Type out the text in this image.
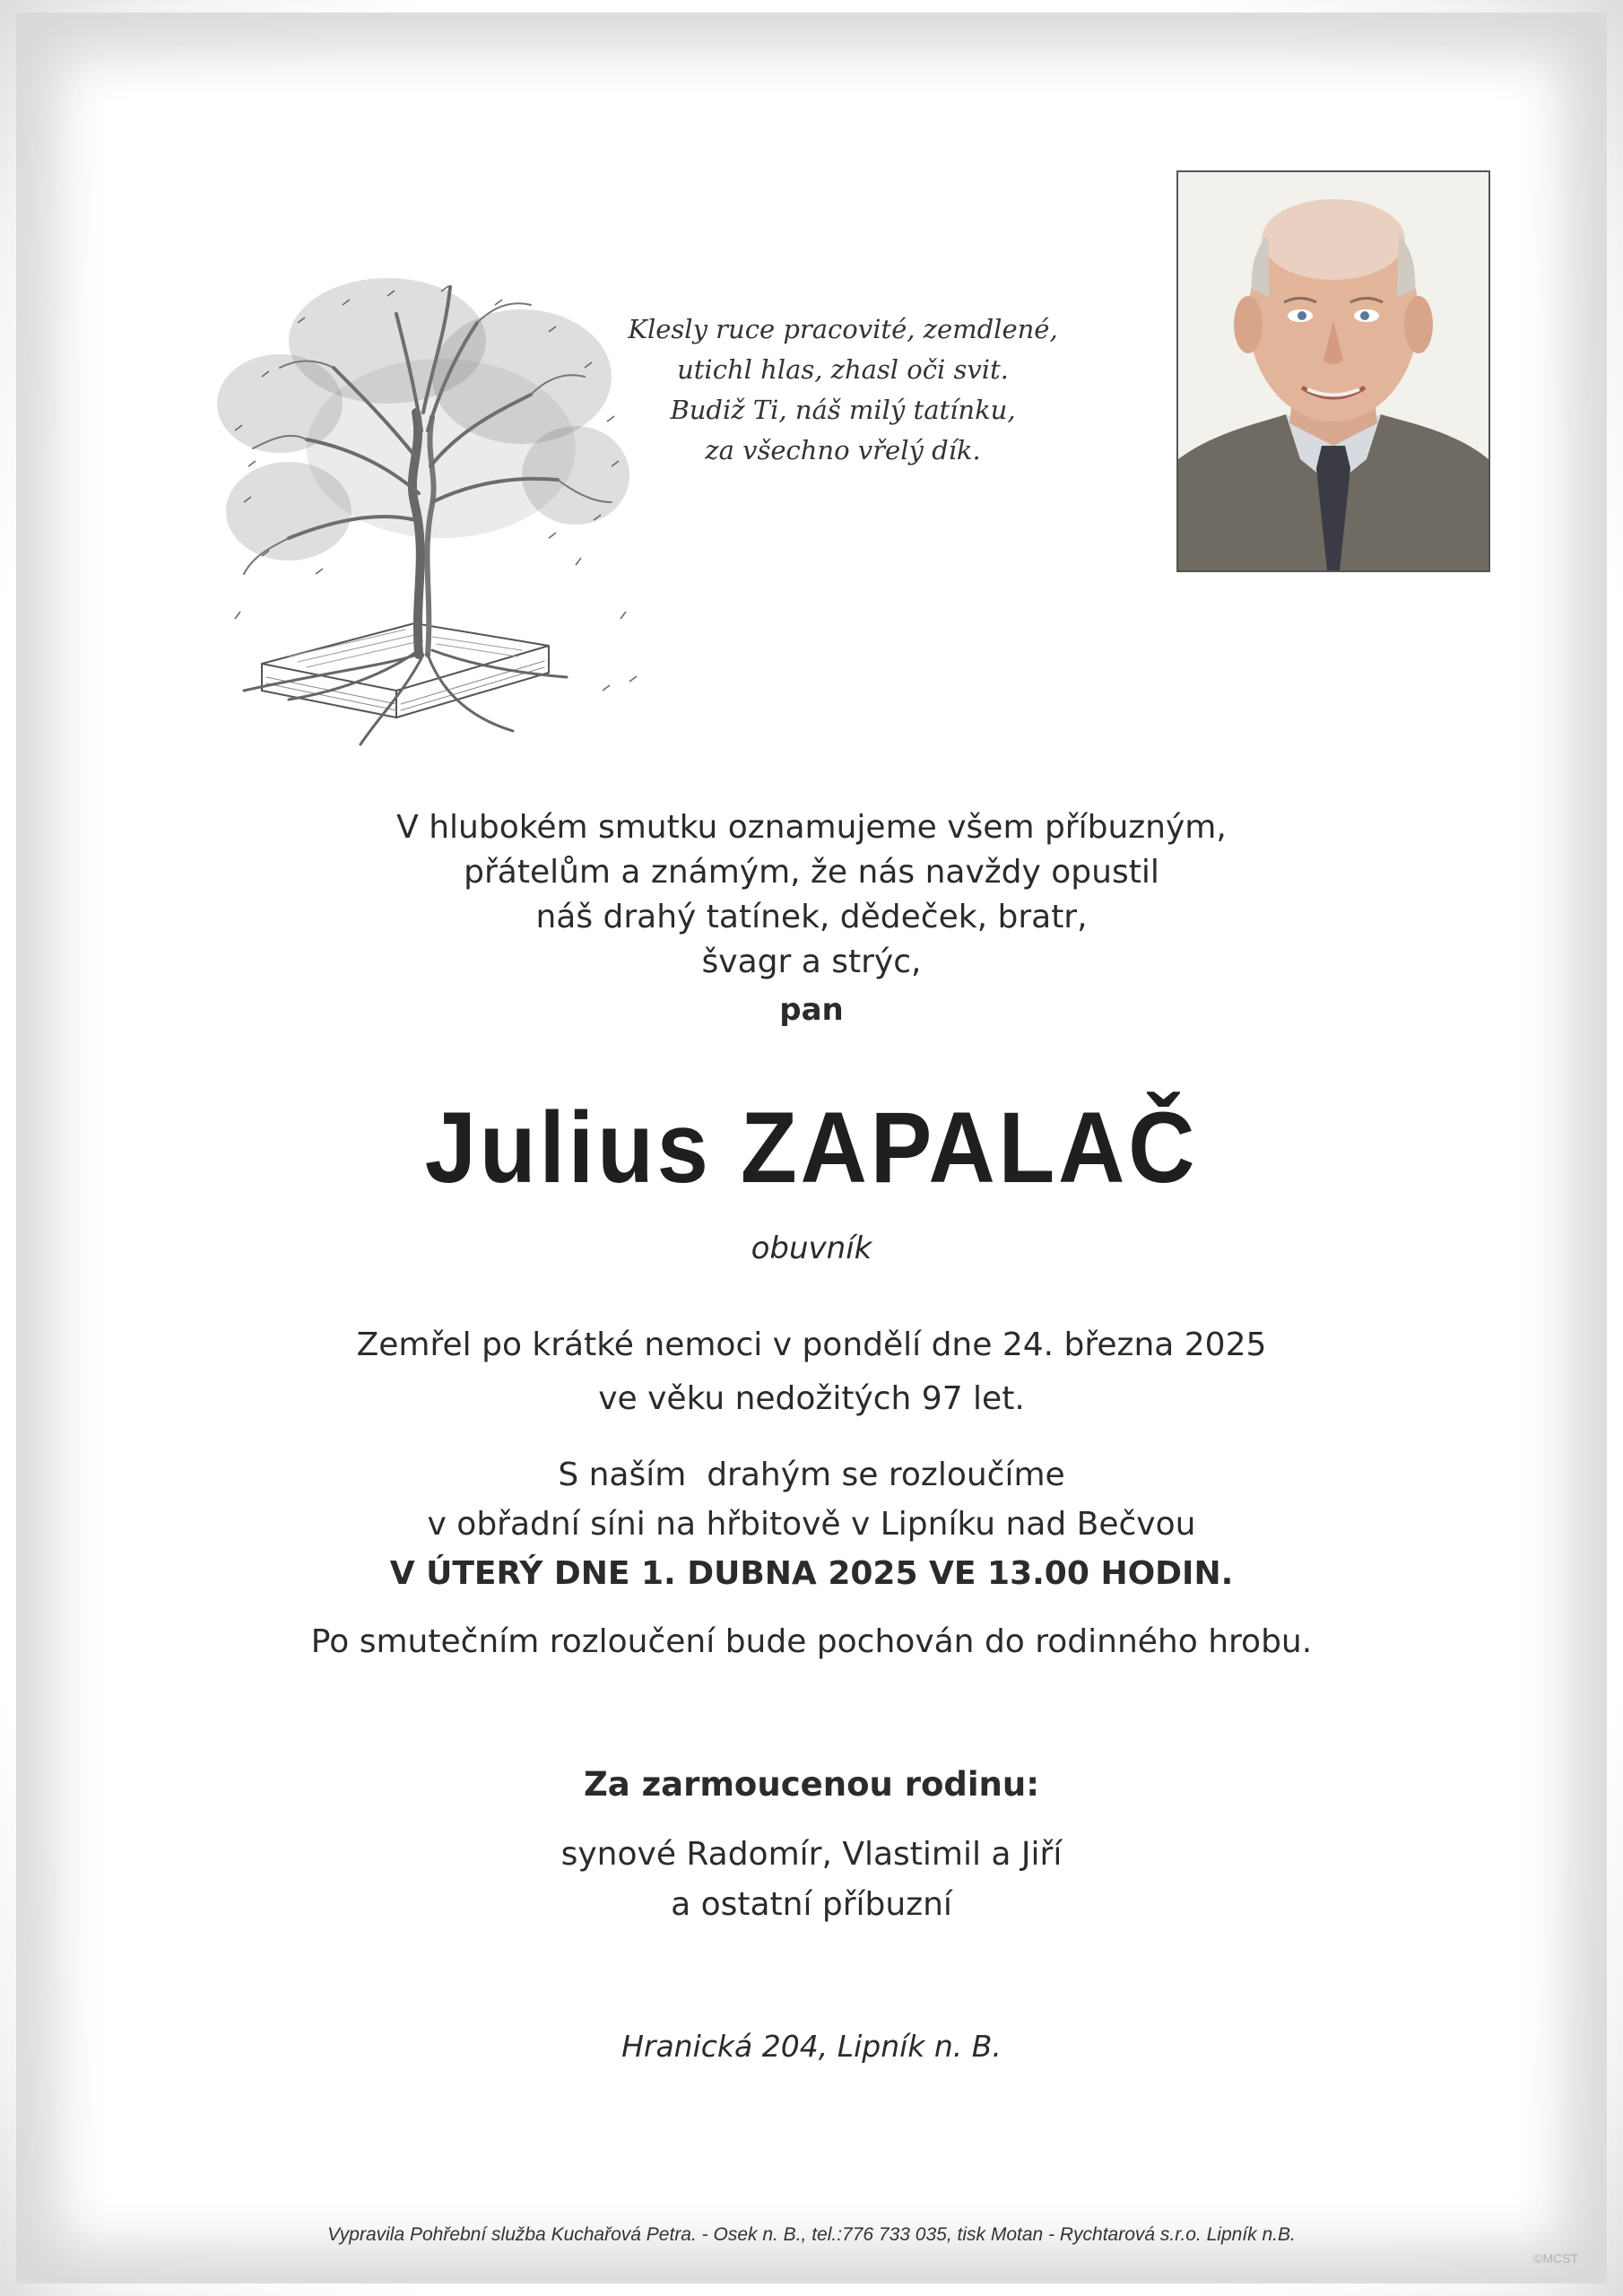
Klesly ruce pracovité, zemdlené,
utichl hlas, zhasl oči svit.
Budiž Ti, náš milý tatínku,
za všechno vřelý dík.
V hlubokém smutku oznamujeme všem příbuzným,
přátelům a známým, že nás navždy opustil
náš drahý tatínek, dědeček, bratr,
švagr a strýc,
pan
Julius ZAPALAČ
obuvník
Zemřel po krátké nemoci v pondělí dne 24. března 2025
ve věku nedožitých 97 let.
S naším  drahým se rozloučíme
v obřadní síni na hřbitově v Lipníku nad Bečvou
V ÚTERÝ DNE 1. DUBNA 2025 VE 13.00 HODIN.
Po smutečním rozloučení bude pochován do rodinného hrobu.
Za zarmoucenou rodinu:
synové Radomír, Vlastimil a Jiří
a ostatní příbuzní
Hranická 204, Lipník n. B.
Vypravila Pohřební služba Kuchařová Petra. - Osek n. B., tel.:776 733 035, tisk Motan - Rychtarová s.r.o. Lipník n.B.
©MCST
